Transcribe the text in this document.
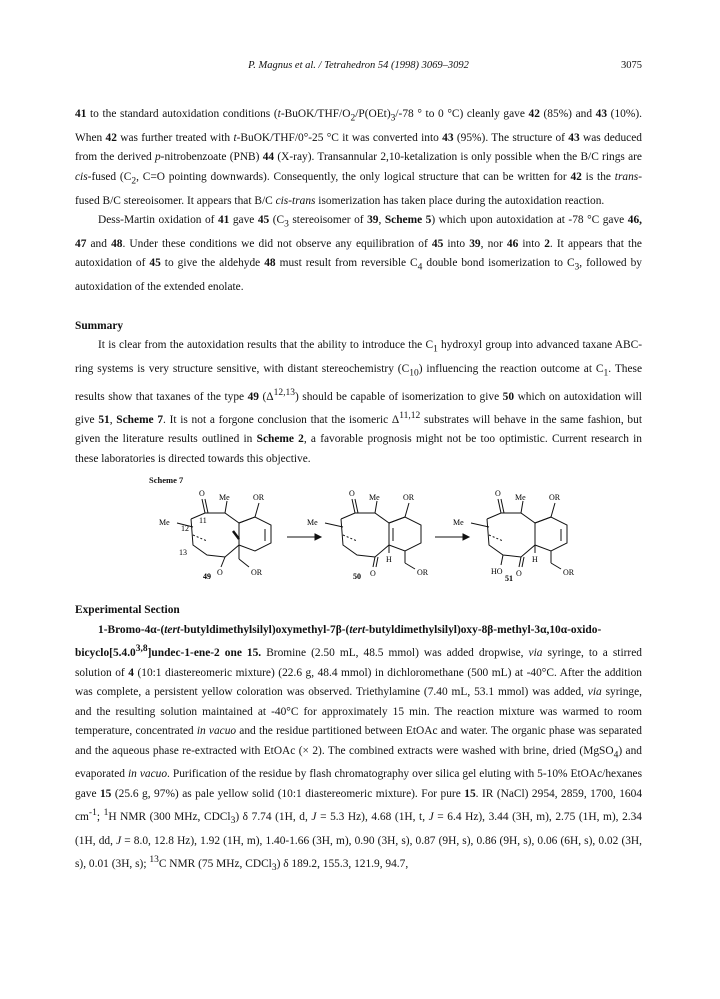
P. Magnus et al. / Tetrahedron 54 (1998) 3069–3092	3075

41 to the standard autoxidation conditions ($t-BuOK/THF/O_2/P(OEt)_3/-78$ ° to 0 °C) cleanly gave 42 (85%) and 43 (10%). When 42 was further treated with t-BuOK/THF/0°-25 °C it was converted into 43 (95%). The structure of 43 was deduced from the derived p-nitrobenzoate (PNB) 44 (X-ray). Transannular 2,10-ketalization is only possible when the B/C rings are cis-fused ($C_2$, C=O pointing downwards). Consequently, the only logical structure that can be written for 42 is the trans-fused B/C stereoisomer. It appears that B/C cis-trans isomerization has taken place during the autoxidation reaction.

Dess-Martin oxidation of 41 gave 45 ($C_3$ stereoisomer of 39, Scheme 5) which upon autoxidation at -78 °C gave 46, 47 and 48. Under these conditions we did not observe any equilibration of 45 into 39, nor 46 into 2. It appears that the autoxidation of 45 to give the aldehyde 48 must result from reversible $C_4$ double bond isomerization to $C_3$, followed by autoxidation of the extended enolate.

Summary

It is clear from the autoxidation results that the ability to introduce the $C_1$ hydroxyl group into advanced taxane ABC-ring systems is very structure sensitive, with distant stereochemistry $(C_{10})$ influencing the reaction outcome at $C_1$. These results show that taxanes of the type 49 $(\Delta^{12,13})$ should be capable of isomerization to give 50 which on autoxidation will give 51, Scheme 7. It is not a forgone conclusion that the isomeric Δ$^{11,12}$ substrates will behave in the same fashion, but given the literature results outlined in Scheme 2, a favorable prognosis might not be too optimistic. Current research in these laboratories is directed towards this objective.

Scheme 7
O Me	OR
Me	11
12
13
O	OR
O Me	OR
Me
H
O	OR
O Me	OR
Me
H
HO O	OR
49	50	51

Experimental Section

1-Bromo-4α-(tert-butyldimethylsilyl)oxymethyl-7β-(tert-butyldimethylsilyl)oxy-8β-methyl-3α,10α-oxido-bicyclo[5.4.0$^{3,8}$]undec-1-ene-2 one 15. Bromine (2.50 mL, 48.5 mmol) was added dropwise, via syringe, to a stirred solution of 4 (10:1 diastereomeric mixture) (22.6 g, 48.4 mmol) in dichloromethane (500 mL) at -40°C. After the addition was complete, a persistent yellow coloration was observed. Triethylamine (7.40 mL, 53.1 mmol) was added, via syringe, and the resulting solution maintained at -40°C for approximately 15 min. The reaction mixture was warmed to room temperature, concentrated in vacuo and the residue partitioned between EtOAc and water. The organic phase was separated and the aqueous phase re-extracted with EtOAc (× 2). The combined extracts were washed with brine, dried (MgSO$_4$) and evaporated in vacuo. Purification of the residue by flash chromatography over silica gel eluting with 5-10% EtOAc/hexanes gave 15 (25.6 g, 97%) as pale yellow solid (10:1 diastereomeric mixture). For pure 15. IR (NaCl) 2954, 2859, 1700, 1604 $cm^{-1}$; $^1$H NMR (300 MHz, CDCl$_3$) δ 7.74 (1H, d, J = 5.3 Hz), 4.68 (1H, t, J = 6.4 Hz), 3.44 (3H, m), 2.75 (1H, m), 2.34 (1H, dd, J = 8.0, 12.8 Hz), 1.92 (1H, m), 1.40-1.66 (3H, m), 0.90 (3H, s), 0.87 (9H, s), 0.86 (9H, s), 0.06 (6H, s), 0.02 (3H, s), 0.01 (3H, s); $^{13}$C NMR (75 MHz, CDCl$_3$) δ 189.2, 155.3, 121.9, 94.7,
